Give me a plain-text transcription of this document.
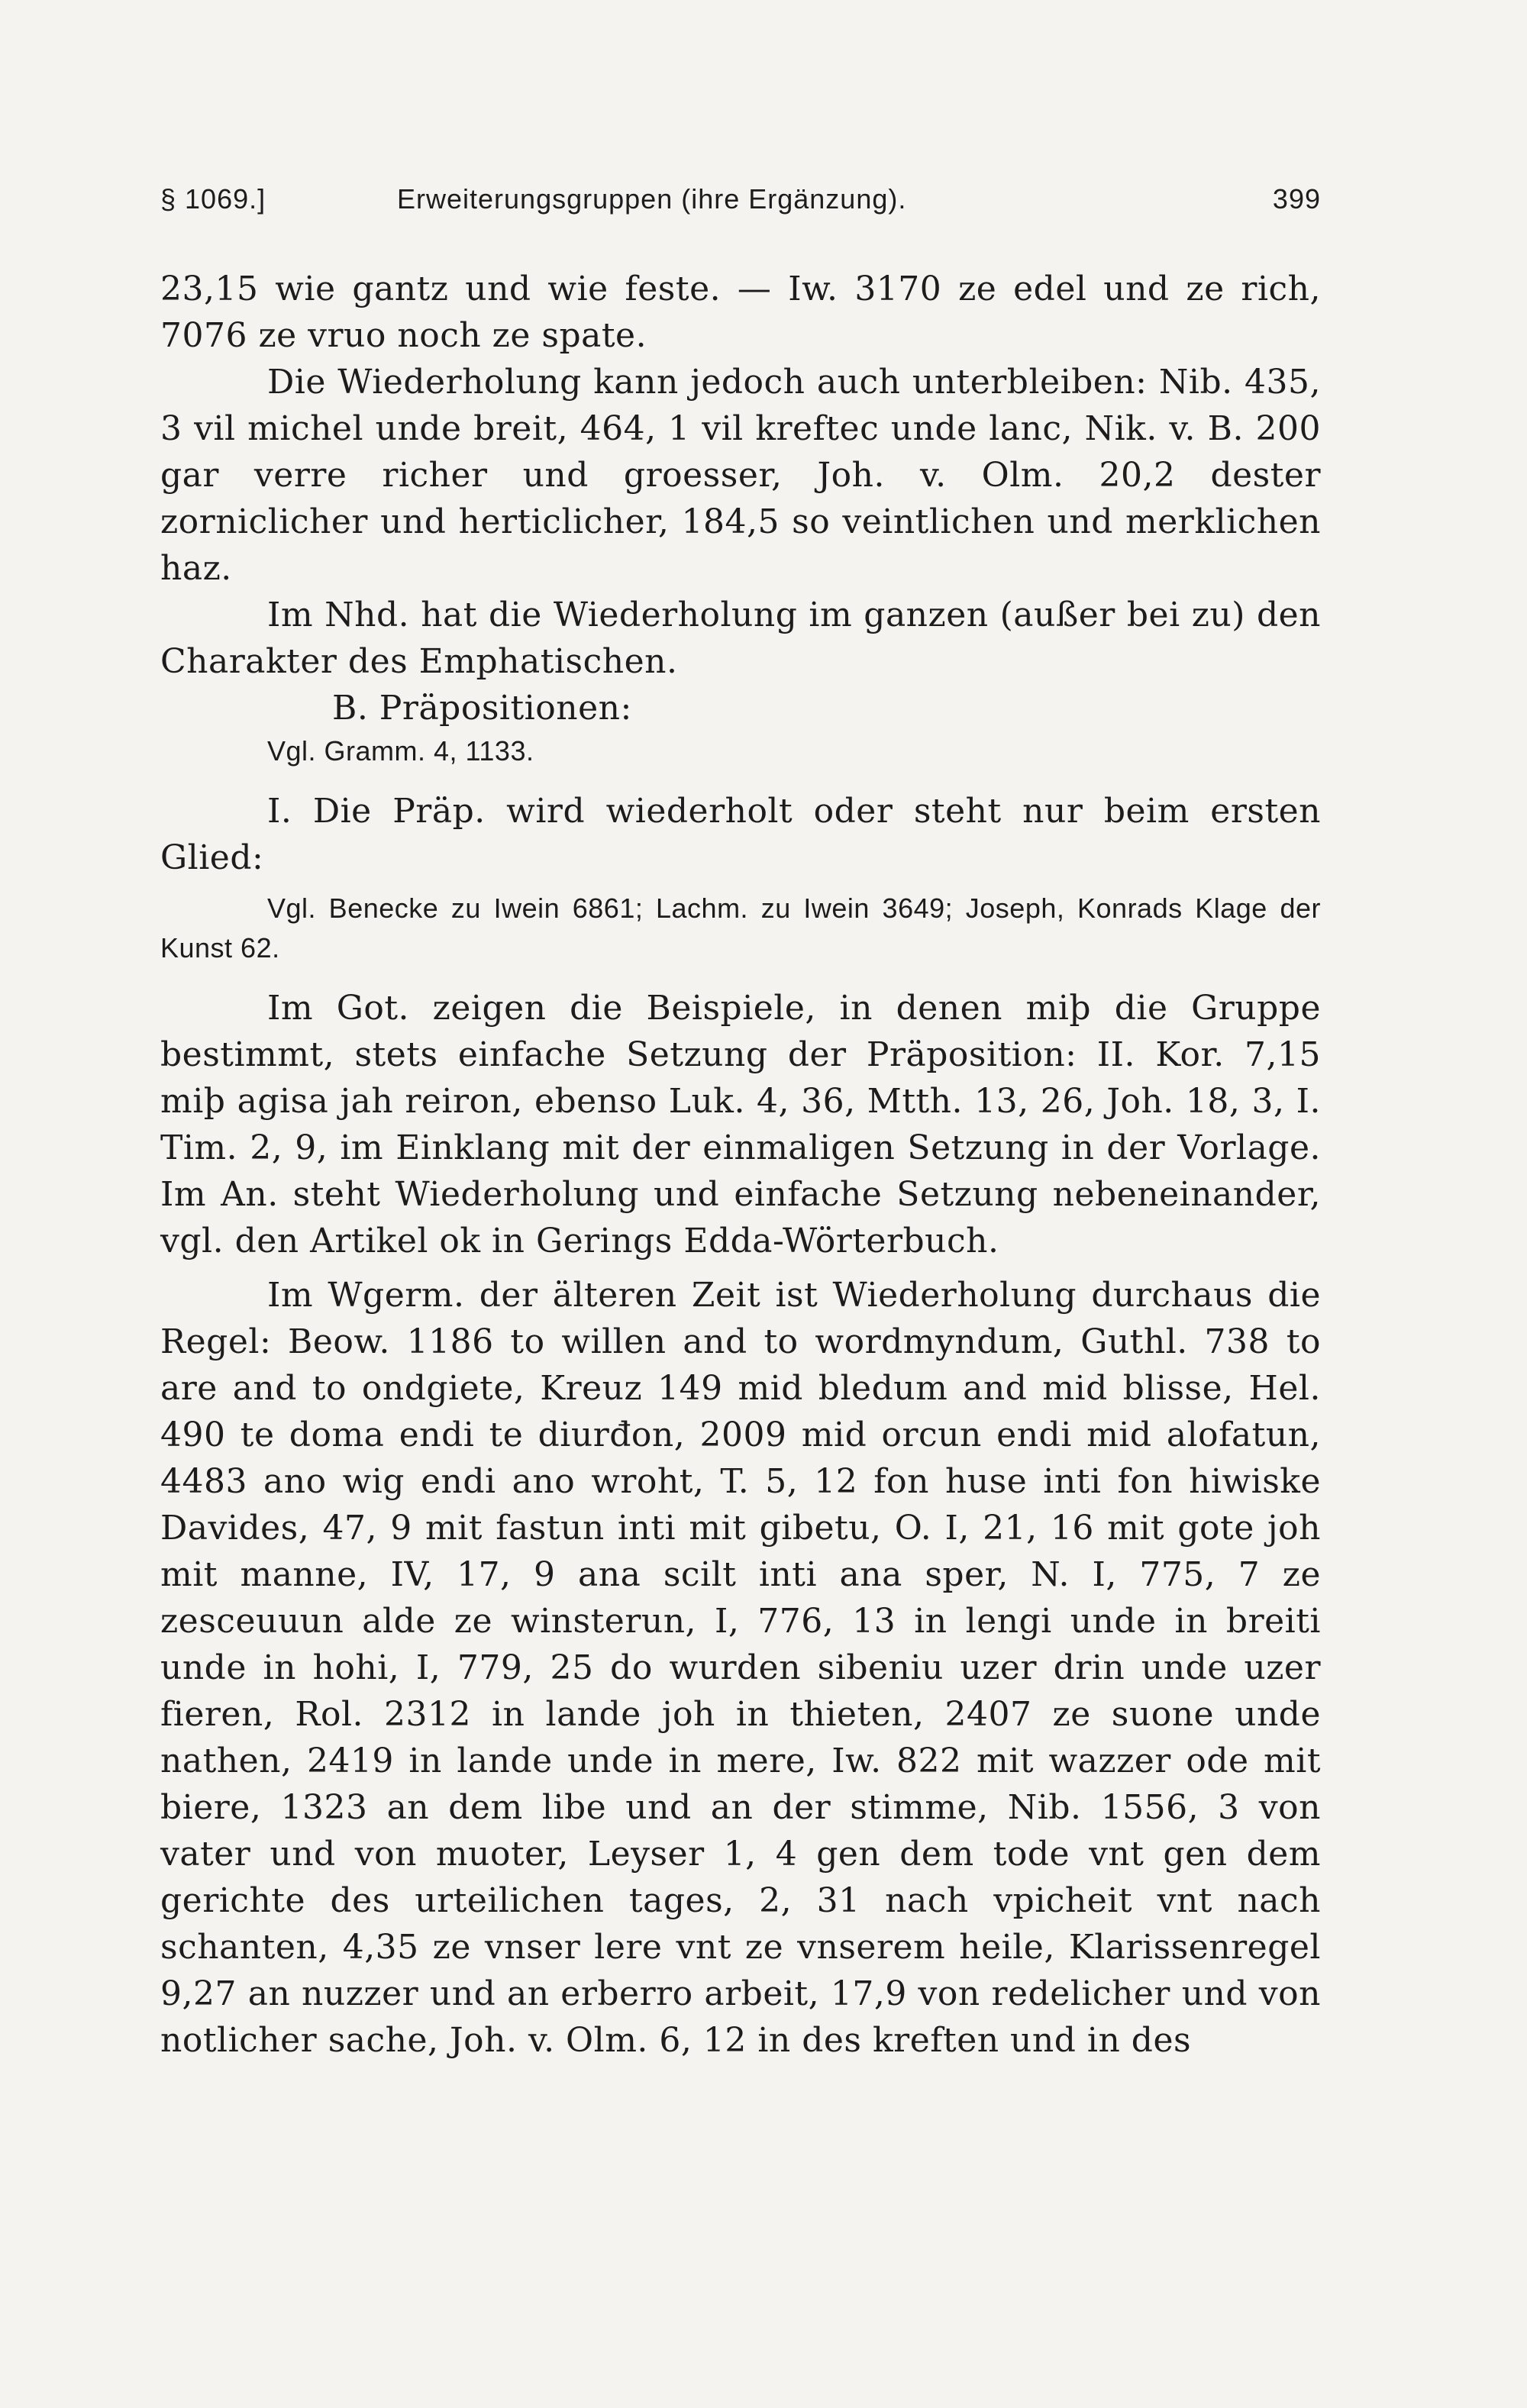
§ 1069.]	Erweiterungsgruppen (ihre Ergänzung).	399

23,15 wie gantz und wie feste. — Iw. 3170 ze edel und ze rich, 7076 ze vruo noch ze spate.

Die Wiederholung kann jedoch auch unterbleiben: Nib. 435, 3 vil michel unde breit, 464, 1 vil kreftec unde lanc, Nik. v. B. 200 gar verre richer und groesser, Joh. v. Olm. 20,2 dester zornicliсher und herticlicher, 184,5 so veintlichen und merklichen haz.

Im Nhd. hat die Wiederholung im ganzen (außer bei zu) den Charakter des Emphatischen.

B. Präpositionen:

Vgl. Gramm. 4, 1133.

I. Die Präp. wird wiederholt oder steht nur beim ersten Glied:

Vgl. Benecke zu Iwein 6861; Lachm. zu Iwein 3649; Joseph, Konrads Klage der Kunst 62.

Im Got. zeigen die Beispiele, in denen miþ die Gruppe bestimmt, stets einfache Setzung der Präposition: II. Kor. 7,15 miþ agisa jah reiron, ebenso Luk. 4, 36, Mtth. 13, 26, Joh. 18, 3, I. Tim. 2, 9, im Einklang mit der einmaligen Setzung in der Vorlage. Im An. steht Wiederholung und einfache Setzung nebeneinander, vgl. den Artikel ok in Gerings Edda-Wörterbuch.

Im Wgerm. der älteren Zeit ist Wiederholung durchaus die Regel: Beow. 1186 to willen and to wordmyndum, Guthl. 738 to are and to ondgiete, Kreuz 149 mid bledum and mid blisse, Hel. 490 te doma endi te diurđon, 2009 mid orcun endi mid alofatun, 4483 ano wig endi ano wroht, T. 5, 12 fon huse inti fon hiwiske Davides, 47, 9 mit fastun inti mit gibetu, O. I, 21, 16 mit gote joh mit manne, IV, 17, 9 ana scilt inti ana sper, N. I, 775, 7 ze zesceuuun alde ze winsterun, I, 776, 13 in lengi unde in breiti unde in hohi, I, 779, 25 do wurden sibeniu uzer drin unde uzer fieren, Rol. 2312 in lande joh in thieten, 2407 ze suone unde nathen, 2419 in lande unde in mere, Iw. 822 mit wazzer ode mit biere, 1323 an dem libe und an der stimme, Nib. 1556, 3 von vater und von muoter, Leyser 1, 4 gen dem tode vnt gen dem gerichte des urteilichen tages, 2, 31 nach vpicheit vnt nach schanten, 4,35 ze vnser lere vnt ze vnserem heile, Klarissenregel 9,27 an nuzzer und an erberro arbeit, 17,9 von redelicher und von notlicher sache, Joh. v. Olm. 6, 12 in des kreften und in des
